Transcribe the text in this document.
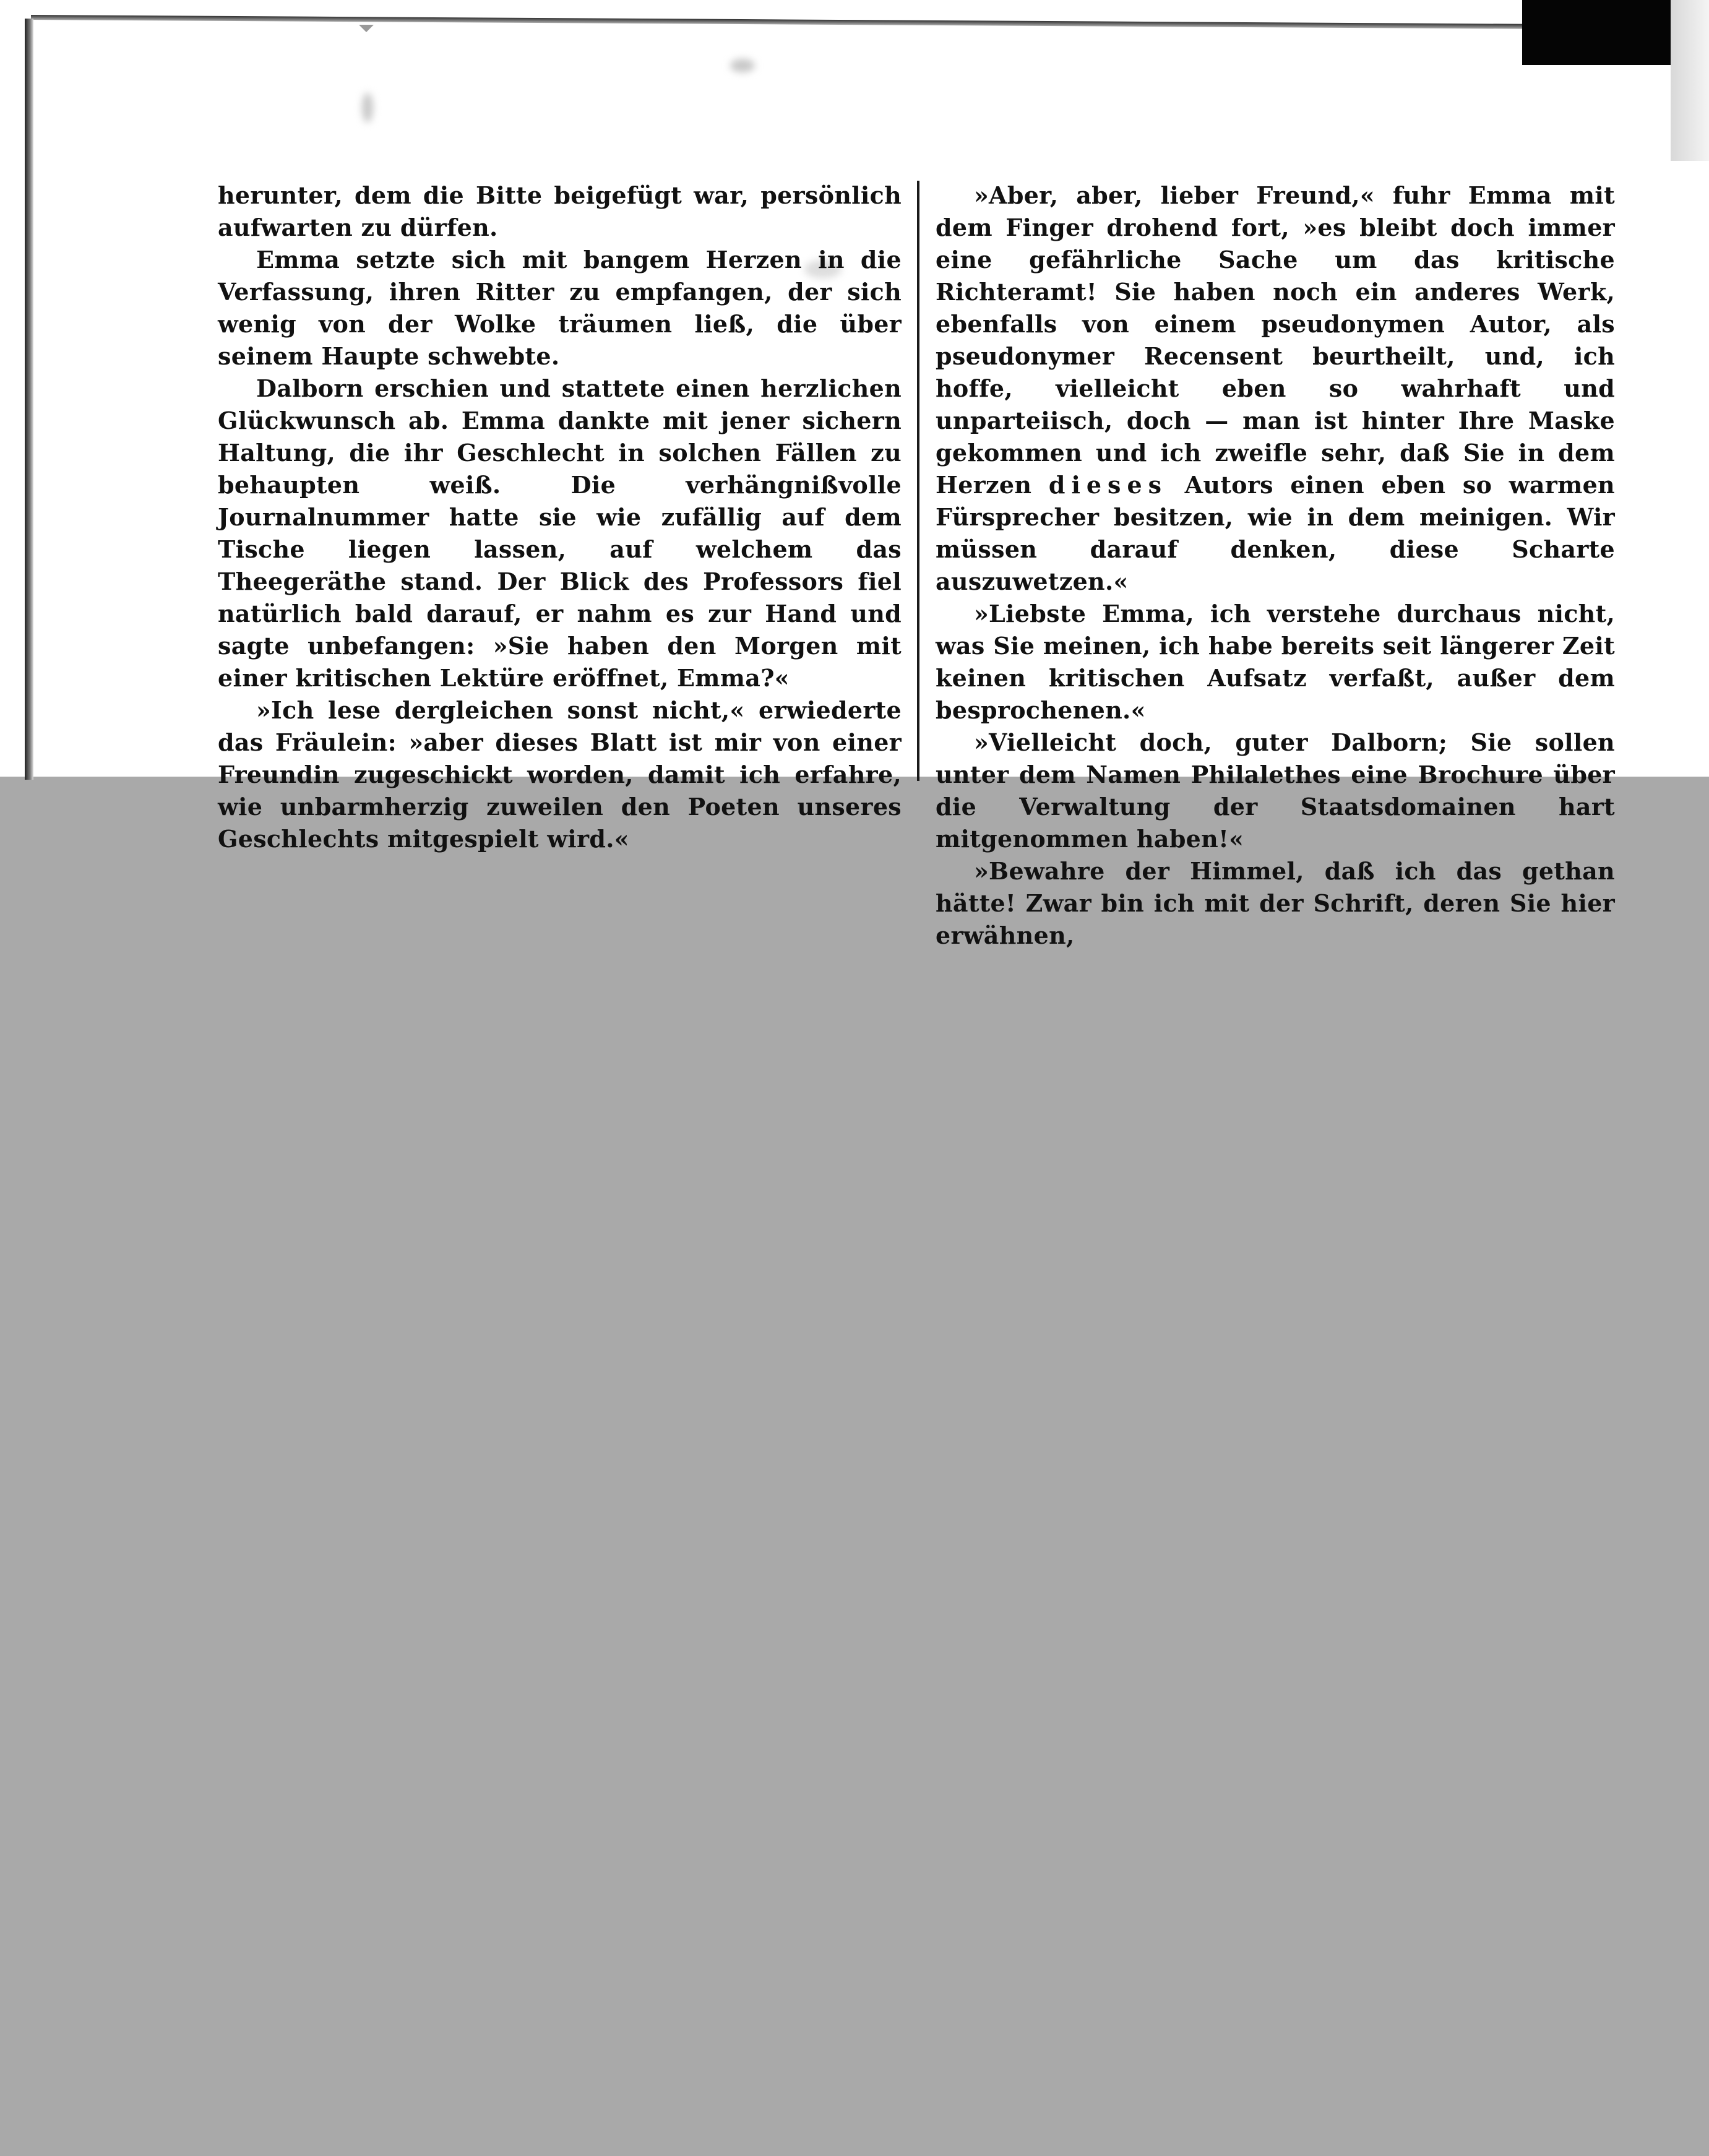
herunter, dem die Bitte beigefügt war, persönlich aufwarten zu dürfen.

Emma setzte sich mit bangem Herzen in die Verfassung, ihren Ritter zu empfangen, der sich wenig von der Wolke träumen ließ, die über seinem Haupte schwebte.

Dalborn erschien und stattete einen herzlichen Glückwunsch ab. Emma dankte mit jener sichern Haltung, die ihr Geschlecht in solchen Fällen zu behaupten weiß. Die verhängnißvolle Journalnummer hatte sie wie zufällig auf dem Tische liegen lassen, auf welchem das Theegeräthe stand. Der Blick des Professors fiel natürlich bald darauf, er nahm es zur Hand und sagte unbefangen: »Sie haben den Morgen mit einer kritischen Lektüre eröffnet, Emma?«

»Ich lese dergleichen sonst nicht,« erwiederte das Fräulein: »aber dieses Blatt ist mir von einer Freundin zugeschickt worden, damit ich erfahre, wie unbarmherzig zuweilen den Poeten unseres Geschlechts mitgespielt wird.«

»Aber, aber, lieber Freund,« fuhr Emma mit dem Finger drohend fort, »es bleibt doch immer eine gefährliche Sache um das kritische Richteramt! Sie haben noch ein anderes Werk, ebenfalls von einem pseudonymen Autor, als pseudonymer Recensent beurtheilt, und, ich hoffe, vielleicht eben so wahrhaft und unparteiisch, doch — man ist hinter Ihre Maske gekommen und ich zweifle sehr, daß Sie in dem Herzen dieses Autors einen eben so warmen Fürsprecher besitzen, wie in dem meinigen. Wir müssen darauf denken, diese Scharte auszuwetzen.«

»Liebste Emma, ich verstehe durchaus nicht, was Sie meinen, ich habe bereits seit längerer Zeit keinen kritischen Aufsatz verfaßt, außer dem besprochenen.«

»Vielleicht doch, guter Dalborn; Sie sollen unter dem Namen Philalethes eine Brochure über die Verwaltung der Staatsdomainen hart mitgenommen haben!«

»Bewahre der Himmel, daß ich das gethan hätte! Zwar bin ich mit der Schrift, deren Sie hier erwähnen,
